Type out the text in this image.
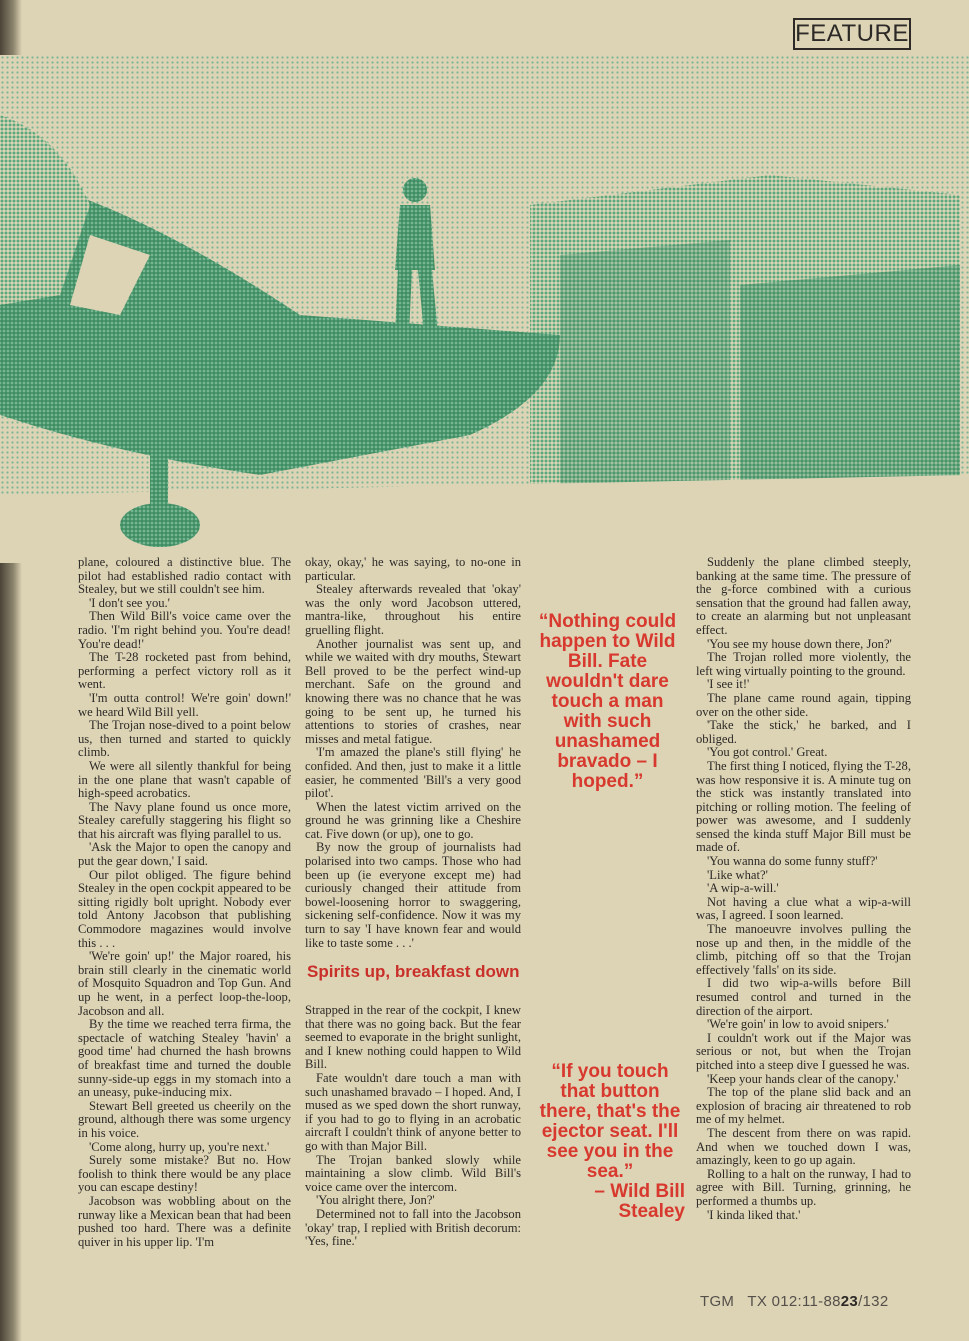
FEATURE

plane, coloured a distinctive blue. The pilot had established radio contact with Stealey, but we still couldn't see him.

'I don't see you.'

Then Wild Bill's voice came over the radio. 'I'm right behind you. You're dead! You're dead!'

The T-28 rocketed past from behind, performing a perfect victory roll as it went.

'I'm outta control! We're goin' down!' we heard Wild Bill yell.

The Trojan nose-dived to a point below us, then turned and started to quickly climb.

We were all silently thankful for being in the one plane that wasn't capable of high-speed acrobatics.

The Navy plane found us once more, Stealey carefully staggering his flight so that his aircraft was flying parallel to us.

'Ask the Major to open the canopy and put the gear down,' I said.

Our pilot obliged. The figure behind Stealey in the open cockpit appeared to be sitting rigidly bolt upright. Nobody ever told Antony Jacobson that publishing Commodore magazines would involve this . . .

'We're goin' up!' the Major roared, his brain still clearly in the cinematic world of Mosquito Squadron and Top Gun. And up he went, in a perfect loop-the-loop, Jacobson and all.

By the time we reached terra firma, the spectacle of watching Stealey 'havin' a good time' had churned the hash browns of breakfast time and turned the double sunny-side-up eggs in my stomach into a an uneasy, puke-inducing mix.

Stewart Bell greeted us cheerily on the ground, although there was some urgency in his voice.

'Come along, hurry up, you're next.'

Surely some mistake? But no. How foolish to think there would be any place you can escape destiny!

Jacobson was wobbling about on the runway like a Mexican bean that had been pushed too hard. There was a definite quiver in his upper lip. 'I'm

okay, okay,' he was saying, to no-one in particular.

Stealey afterwards revealed that 'okay' was the only word Jacobson uttered, mantra-like, throughout his entire gruelling flight.

Another journalist was sent up, and while we waited with dry mouths, Stewart Bell proved to be the perfect wind-up merchant. Safe on the ground and knowing there was no chance that he was going to be sent up, he turned his attentions to stories of crashes, near misses and metal fatigue.

'I'm amazed the plane's still flying' he confided. And then, just to make it a little easier, he commented 'Bill's a very good pilot'.

When the latest victim arrived on the ground he was grinning like a Cheshire cat. Five down (or up), one to go.

By now the group of journalists had polarised into two camps. Those who had been up (ie everyone except me) had curiously changed their attitude from bowel-loosening horror to swaggering, sickening self-confidence. Now it was my turn to say 'I have known fear and would like to taste some . . .'

Spirits up, breakfast down

Strapped in the rear of the cockpit, I knew that there was no going back. But the fear seemed to evaporate in the bright sunlight, and I knew nothing could happen to Wild Bill.

Fate wouldn't dare touch a man with such unashamed bravado – I hoped. And, I mused as we sped down the short runway, if you had to go to flying in an acrobatic aircraft I couldn't think of anyone better to go with than Major Bill.

The Trojan banked slowly while maintaining a slow climb. Wild Bill's voice came over the intercom.

'You alright there, Jon?'

Determined not to fall into the Jacobson 'okay' trap, I replied with British decorum: 'Yes, fine.'

“Nothing could happen to Wild Bill. Fate wouldn't dare touch a man with such unashamed bravado – I hoped.”
“If you touch that button there, that's the ejector seat. I'll see you in the sea.”
– Wild Bill Stealey

Suddenly the plane climbed steeply, banking at the same time. The pressure of the g-force combined with a curious sensation that the ground had fallen away, to create an alarming but not unpleasant effect.

'You see my house down there, Jon?'

The Trojan rolled more violently, the left wing virtually pointing to the ground.

'I see it!'

The plane came round again, tipping over on the other side.

'Take the stick,' he barked, and I obliged.

'You got control.' Great.

The first thing I noticed, flying the T-28, was how responsive it is. A minute tug on the stick was instantly translated into pitching or rolling motion. The feeling of power was awesome, and I suddenly sensed the kinda stuff Major Bill must be made of.

'You wanna do some funny stuff?'

'Like what?'

'A wip-a-will.'

Not having a clue what a wip-a-will was, I agreed. I soon learned.

The manoeuvre involves pulling the nose up and then, in the middle of the climb, pitching off so that the Trojan effectively 'falls' on its side.

I did two wip-a-wills before Bill resumed control and turned in the direction of the airport.

'We're goin' in low to avoid snipers.'

I couldn't work out if the Major was serious or not, but when the Trojan pitched into a steep dive I guessed he was.

'Keep your hands clear of the canopy.'

The top of the plane slid back and an explosion of bracing air threatened to rob me of my helmet.

The descent from there on was rapid. And when we touched down I was, amazingly, keen to go up again.

Rolling to a halt on the runway, I had to agree with Bill. Turning, grinning, he performed a thumbs up.

'I kinda liked that.'

TGM TX 012:11-8823/132
